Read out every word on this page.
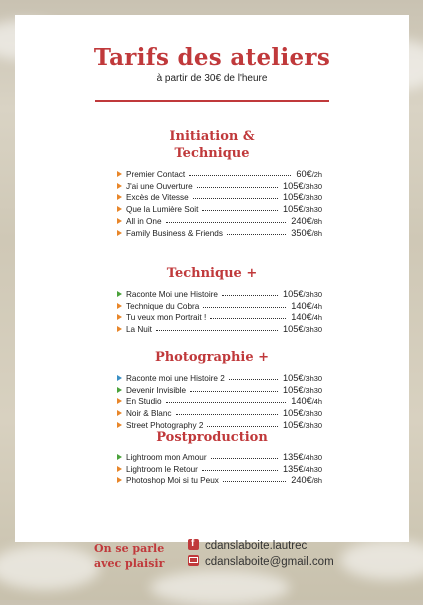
Tarifs des ateliers
à partir de 30€ de l'heure
Initiation &
Technique
Premier Contact	60€/2h
J'ai une Ouverture	105€/3h30
Excès de Vitesse	105€/3h30
Que la Lumière Soit	105€/3h30
All in One	240€/8h
Family Business & Friends	350€/8h
Technique +
Raconte Moi une Histoire	105€/3h30
Technique du Cobra	140€/4h
Tu veux mon Portrait !	140€/4h
La Nuit	105€/3h30
Photographie +
Raconte moi une Histoire 2	105€/3h30
Devenir Invisible	105€/3h30
En Studio	140€/4h
Noir & Blanc	105€/3h30
Street Photography 2	105€/3h30
Postproduction
Lightroom mon Amour	135€/4h30
Lightroom le Retour	135€/4h30
Photoshop Moi si tu Peux	240€/8h
On se parle
avec plaisir
f cdanslaboite.lautrec
cdanslaboite@gmail.com
